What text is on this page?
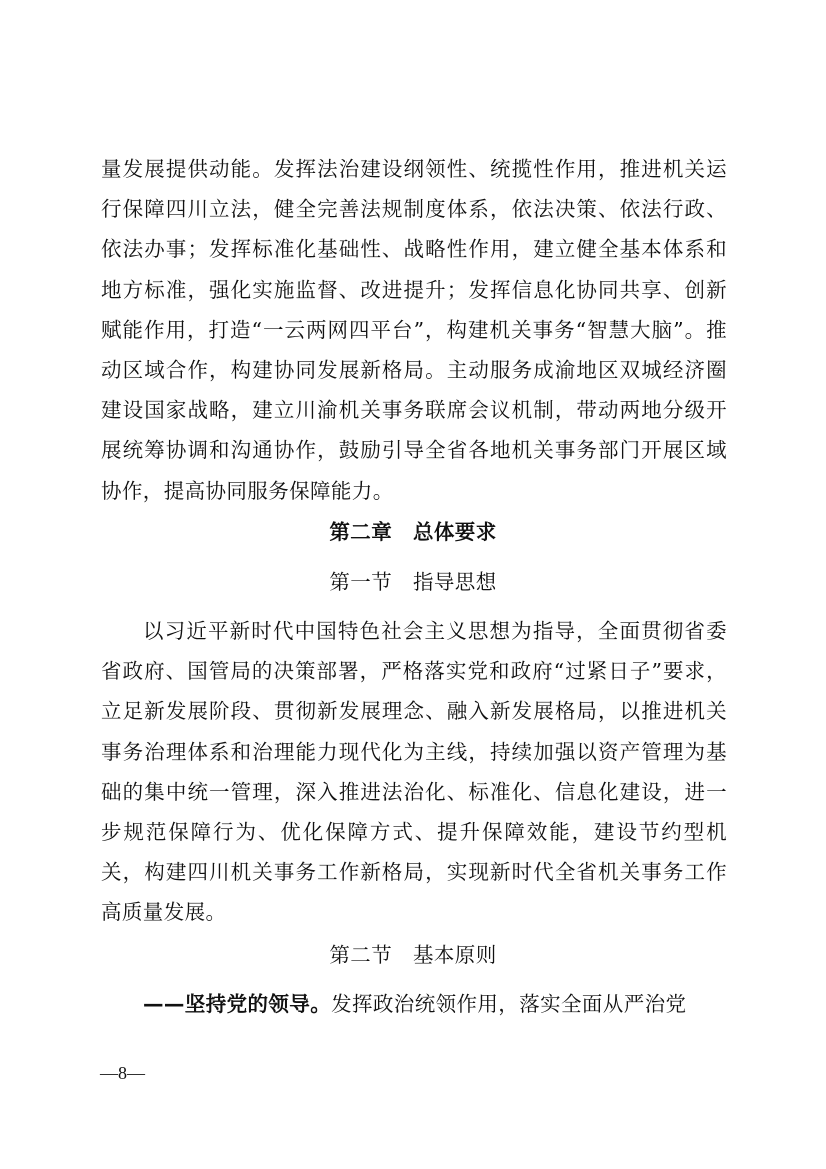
量发展提供动能。发挥法治建设纲领性、统揽性作用，推进机关运行保障四川立法，健全完善法规制度体系，依法决策、依法行政、依法办事；发挥标准化基础性、战略性作用，建立健全基本体系和地方标准，强化实施监督、改进提升；发挥信息化协同共享、创新赋能作用，打造“一云两网四平台”，构建机关事务“智慧大脑”。推动区域合作，构建协同发展新格局。主动服务成渝地区双城经济圈建设国家战略，建立川渝机关事务联席会议机制，带动两地分级开展统筹协调和沟通协作，鼓励引导全省各地机关事务部门开展区域协作，提高协同服务保障能力。

第二章　总体要求
第一节　指导思想

以习近平新时代中国特色社会主义思想为指导，全面贯彻省委省政府、国管局的决策部署，严格落实党和政府“过紧日子”要求，立足新发展阶段、贯彻新发展理念、融入新发展格局，以推进机关事务治理体系和治理能力现代化为主线，持续加强以资产管理为基础的集中统一管理，深入推进法治化、标准化、信息化建设，进一步规范保障行为、优化保障方式、提升保障效能，建设节约型机关，构建四川机关事务工作新格局，实现新时代全省机关事务工作高质量发展。

第二节　基本原则

——坚持党的领导。发挥政治统领作用，落实全面从严治党

—8—
